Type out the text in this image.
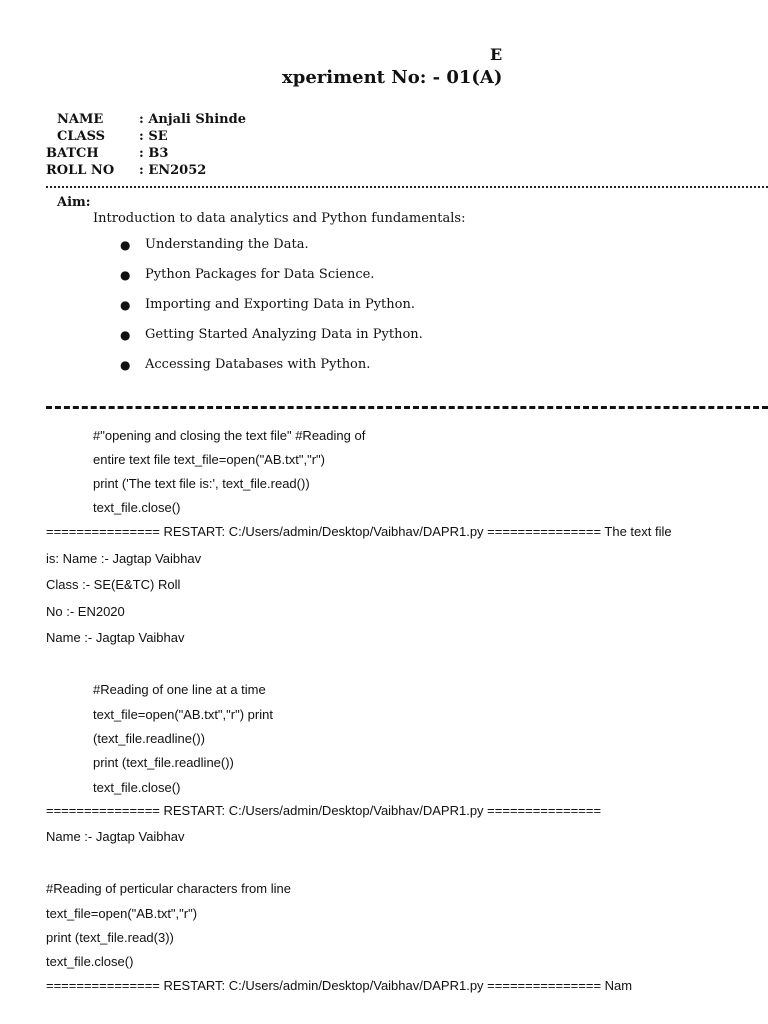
E
xperiment No: - 01(A)
NAME	: Anjali Shinde
CLASS	: SE
BATCH	: B3
ROLL NO : EN2052
Aim:
Introduction to data analytics and Python fundamentals:
● Understanding the Data.
● Python Packages for Data Science.
● Importing and Exporting Data in Python.
● Getting Started Analyzing Data in Python.
● Accessing Databases with Python.
#"opening and closing the text file" #Reading of
entire text file text_file=open("AB.txt","r")
print ('The text file is:', text_file.read())
text_file.close()
=============== RESTART: C:/Users/admin/Desktop/Vaibhav/DAPR1.py =============== The text file
is: Name :- Jagtap Vaibhav
Class :- SE(E&TC) Roll
No :- EN2020
Name :- Jagtap Vaibhav
#Reading of one line at a time
text_file=open("AB.txt","r") print
(text_file.readline())
print (text_file.readline())
text_file.close()
=============== RESTART: C:/Users/admin/Desktop/Vaibhav/DAPR1.py ===============
Name :- Jagtap Vaibhav
#Reading of perticular characters from line
text_file=open("AB.txt","r")
print (text_file.read(3))
text_file.close()
=============== RESTART: C:/Users/admin/Desktop/Vaibhav/DAPR1.py =============== Nam
